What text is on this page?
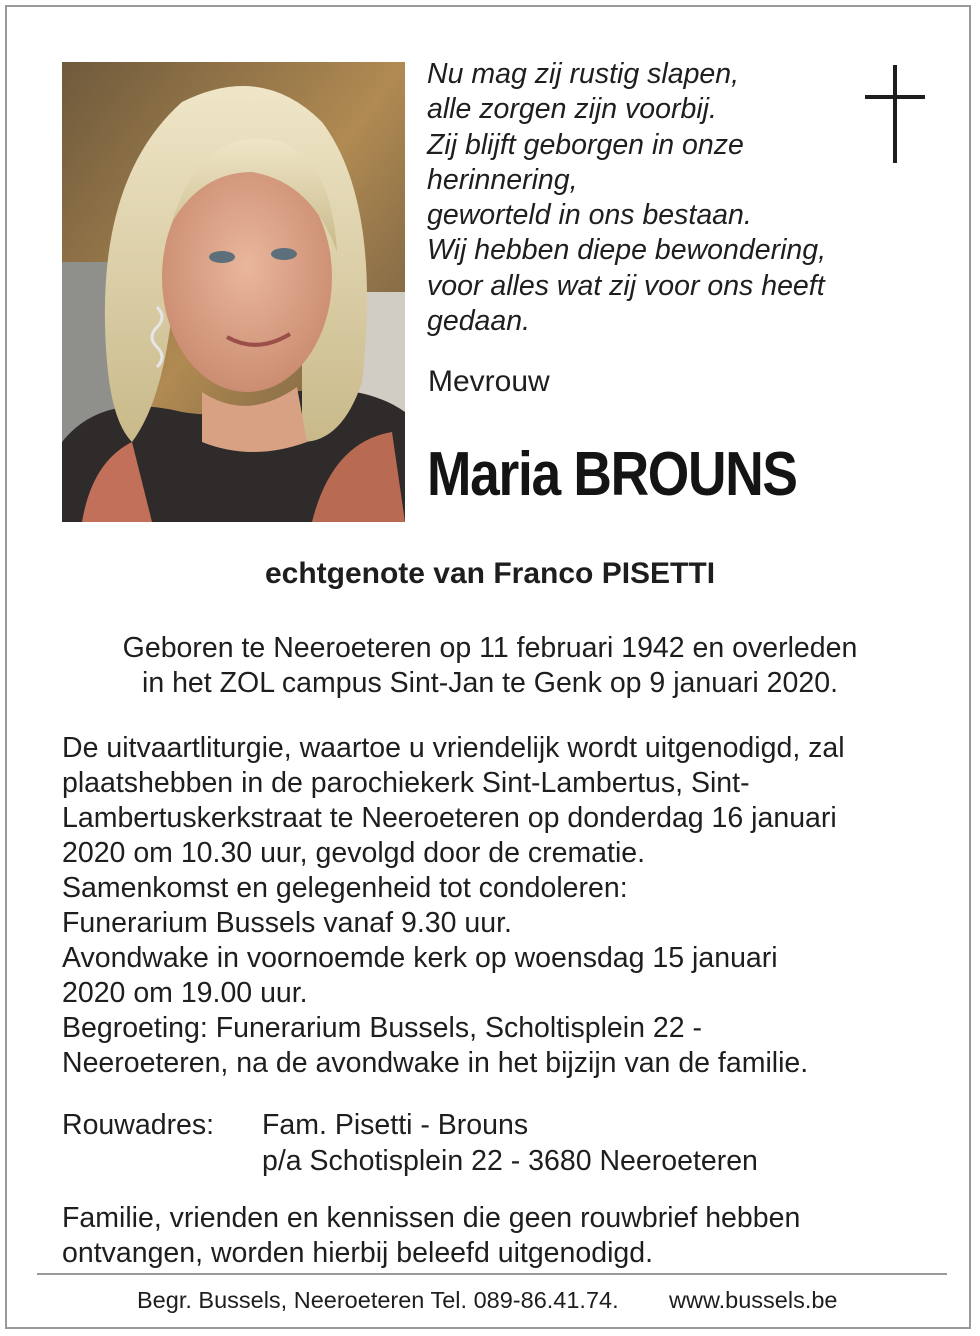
Nu mag zij rustig slapen,
alle zorgen zijn voorbij.
Zij blijft geborgen in onze
herinnering,
geworteld in ons bestaan.
Wij hebben diepe bewondering,
voor alles wat zij voor ons heeft
gedaan.
Mevrouw
Maria BROUNS
echtgenote van Franco PISETTI
Geboren te Neeroeteren op 11 februari 1942 en overleden
in het ZOL campus Sint-Jan te Genk op 9 januari 2020.
De uitvaartliturgie, waartoe u vriendelijk wordt uitgenodigd, zal
plaatshebben in de parochiekerk Sint-Lambertus, Sint-
Lambertuskerkstraat te Neeroeteren op donderdag 16 januari
2020 om 10.30 uur, gevolgd door de crematie.
Samenkomst en gelegenheid tot condoleren:
Funerarium Bussels vanaf 9.30 uur.
Avondwake in voornoemde kerk op woensdag 15 januari
2020 om 19.00 uur.
Begroeting: Funerarium Bussels, Scholtisplein 22 -
Neeroeteren, na de avondwake in het bijzijn van de familie.
Rouwadres: Fam. Pisetti - Brouns
p/a Schotisplein 22 - 3680 Neeroeteren
Familie, vrienden en kennissen die geen rouwbrief hebben
ontvangen, worden hierbij beleefd uitgenodigd.
Begr. Bussels, Neeroeteren Tel. 089-86.41.74. www.bussels.be
